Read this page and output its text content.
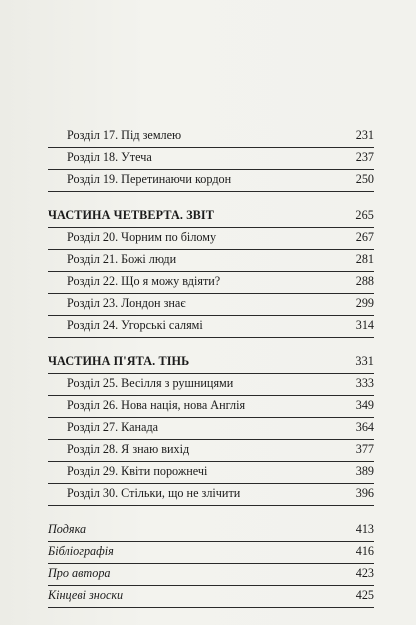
Розділ 17. Під землею	231
Розділ 18. Утеча	237
Розділ 19. Перетинаючи кордон	250
ЧАСТИНА ЧЕТВЕРТА. ЗВІТ	265
Розділ 20. Чорним по білому	267
Розділ 21. Божі люди	281
Розділ 22. Що я можу вдіяти?	288
Розділ 23. Лондон знає	299
Розділ 24. Угорські салямі	314
ЧАСТИНА П'ЯТА. ТІНЬ	331
Розділ 25. Весілля з рушницями	333
Розділ 26. Нова нація, нова Англія	349
Розділ 27. Канада	364
Розділ 28. Я знаю вихід	377
Розділ 29. Квіти порожнечі	389
Розділ 30. Стільки, що не злічити	396
Подяка	413
Бібліографія	416
Про автора	423
Кінцеві зноски	425
